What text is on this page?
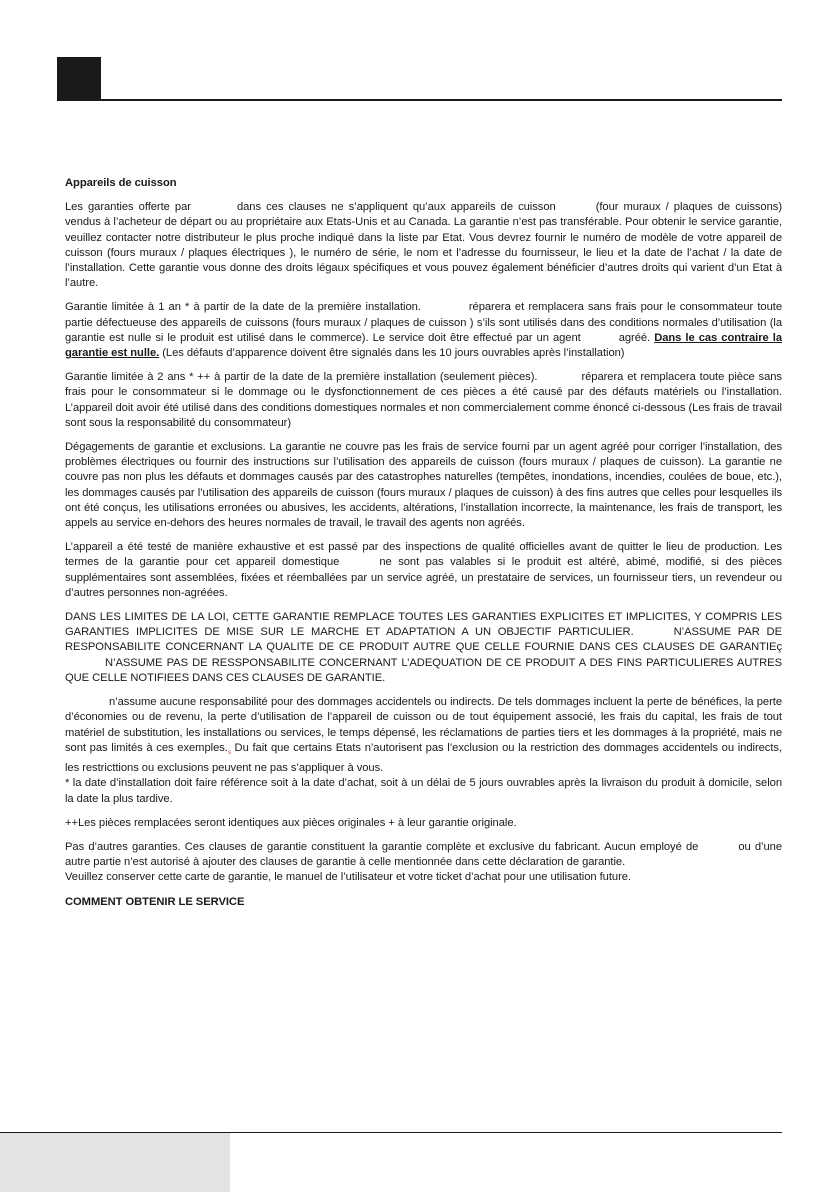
Appareils de cuisson

Les garanties offerte par	dans ces clauses ne s’appliquent qu’aux appareils de cuisson	(four muraux / plaques de cuissons) vendus à l’acheteur de départ ou au propriétaire aux Etats-Unis et au Canada. La garantie n’est pas transférable. Pour obtenir le service garantie, veuillez contacter notre distributeur le plus proche indiqué dans la liste par Etat. Vous devrez fournir le numéro de modèle de votre appareil de cuisson (fours muraux / plaques électriques ), le numéro de série, le nom et l’adresse du fournisseur, le lieu et la date de l’achat / la date de l’installation. Cette garantie vous donne des droits légaux spécifiques et vous pouvez également bénéficier d’autres droits qui varient d’un Etat à l’autre.

Garantie limitée à 1 an * à partir de la date de la première installation.	réparera et remplacera sans frais pour le consommateur toute partie défectueuse des appareils de cuissons (fours muraux / plaques de cuisson ) s’ils sont utilisés dans des conditions normales d’utilisation (la garantie est nulle si le produit est utilisé dans le commerce). Le service doit être effectué par un agent	agréé. Dans le cas contraire la garantie est nulle. (Les défauts d’apparence doivent être signalés dans les 10 jours ouvrables après l’installation)

Garantie limitée à 2 ans * ++ à partir de la date de la première installation (seulement pièces).	réparera et remplacera toute pièce sans frais pour le consommateur si le dommage ou le dysfonctionnement de ces pièces a été causé par des défauts matériels ou l’installation. L’appareil doit avoir été utilisé dans des conditions domestiques normales et non commercialement comme énoncé ci-dessous (Les frais de travail sont sous la responsabilité du consommateur)

Dégagements de garantie et exclusions. La garantie ne couvre pas les frais de service fourni par un agent agréé pour corriger l’installation, des problèmes électriques ou fournir des instructions sur l’utilisation des appareils de cuisson (fours muraux / plaques de cuisson). La garantie ne couvre pas non plus les défauts et dommages causés par des catastrophes naturelles (tempêtes, inondations, incendies, coulées de boue, etc.), les dommages causés par l’utilisation des appareils de cuisson (fours muraux / plaques de cuisson) à des fins autres que celles pour lesquelles ils ont été conçus, les utilisations erronées ou abusives, les accidents, altérations, l’installation incorrecte, la maintenance, les frais de transport, les appels au service en-dehors des heures normales de travail, le travail des agents non agréés.

L’appareil a été testé de manière exhaustive et est passé par des inspections de qualité officielles avant de quitter le lieu de production. Les termes de la garantie pour cet appareil domestique	ne sont pas valables si le produit est altéré, abimé, modifié, si des pièces supplémentaires sont assemblées, fixées et réemballées par un service agréé, un prestataire de services, un fournisseur tiers, un revendeur ou d’autres personnes non-agréées.

DANS LES LIMITES DE LA LOI, CETTE GARANTIE REMPLACE TOUTES LES GARANTIES EXPLICITES ET IMPLICITES, Y COMPRIS LES GARANTIES IMPLICITES DE MISE SUR LE MARCHE ET ADAPTATION A UN OBJECTIF PARTICULIER.	N’ASSUME PAR DE RESPONSABILITE CONCERNANT LA QUALITE DE CE PRODUIT AUTRE QUE CELLE FOURNIE DANS CES CLAUSES DE GARANTIEçN’ASSUME PAS DE RESSPONSABILITE CONCERNANT L’ADEQUATION DE CE PRODUIT A DES FINS PARTICULIERES AUTRES QUE CELLE NOTIFIEES DANS CES CLAUSES DE GARANTIE.

n’assume aucune responsabilité pour des dommages accidentels ou indirects. De tels dommages incluent la perte de bénéfices, la perte d’économies ou de revenu, la perte d’utilisation de l’appareil de cuisson ou de tout équipement associé, les frais du capital, les frais de tout matériel de substitution, les installations ou services, le temps dépensé, les réclamations de parties tiers et les dommages à la propriété, mais ne sont pas limités à ces $exemples._s$ Du fait que certains Etats n’autorisent pas l’exclusion ou la restriction des dommages accidentels ou indirects, les restricttions ou exclusions peuvent ne pas s’appliquer à vous.
* la date d’installation doit faire référence soit à la date d’achat, soit à un délai de 5 jours ouvrables après la livraison du produit à domicile, selon la date la plus tardive.

++Les pièces remplacées seront identiques aux pièces originales + à leur garantie originale.

Pas d’autres garanties. Ces clauses de garantie constituent la garantie complète et exclusive du fabricant. Aucun employé de	ou d’une autre partie n’est autorisé à ajouter des clauses de garantie à celle mentionnée dans cette déclaration de garantie.
Veuillez conserver cette carte de garantie, le manuel de l’utilisateur et votre ticket d’achat pour une utilisation future.

COMMENT OBTENIR LE SERVICE
